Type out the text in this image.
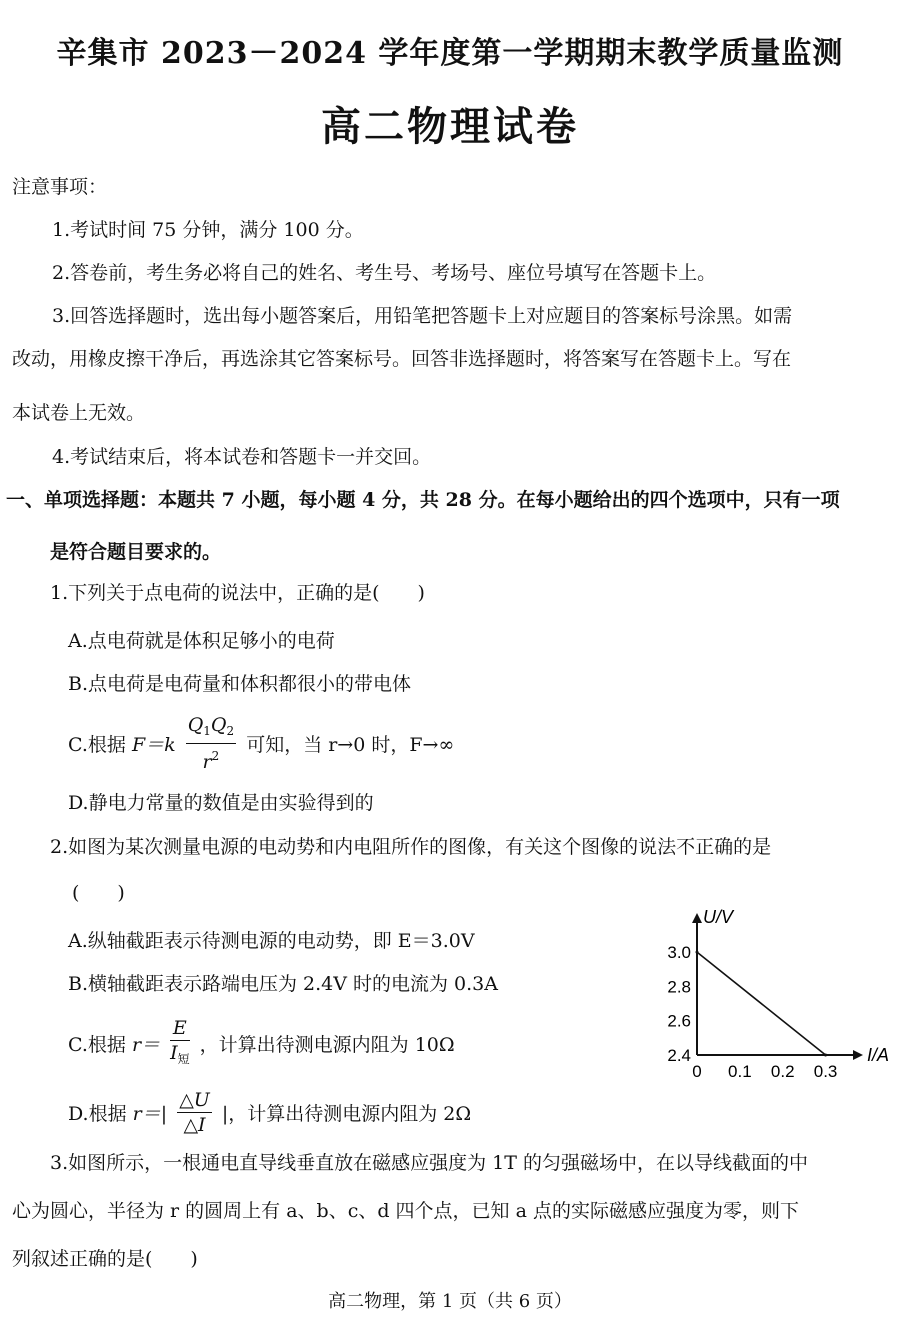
辛集市 2023－2024 学年度第一学期期末教学质量监测
高二物理试卷
注意事项：
1.考试时间 75 分钟，满分 100 分。
2.答卷前，考生务必将自己的姓名、考生号、考场号、座位号填写在答题卡上。
3.回答选择题时，选出每小题答案后，用铅笔把答题卡上对应题目的答案标号涂黑。如需
改动，用橡皮擦干净后，再选涂其它答案标号。回答非选择题时，将答案写在答题卡上。写在
本试卷上无效。
4.考试结束后，将本试卷和答题卡一并交回。
一、单项选择题：本题共 7 小题，每小题 4 分，共 28 分。在每小题给出的四个选项中，只有一项
是符合题目要求的。
1.下列关于点电荷的说法中，正确的是(　　)
A.点电荷就是体积足够小的电荷
B.点电荷是电荷量和体积都很小的带电体
C.根据 $F=k \frac{Q_1Q_2}{r^2}$ 可知，当 r→0 时，F→∞
D.静电力常量的数值是由实验得到的
2.如图为某次测量电源的电动势和内电阻所作的图像，有关这个图像的说法不正确的是
(　　)
A.纵轴截距表示待测电源的电动势，即 E＝3.0V
B.横轴截距表示路端电压为 2.4V 时的电流为 0.3A
C.根据 $r= \frac{E}{I_短}$ ，计算出待测电源内阻为 10Ω
D.根据 $r=| \frac{\triangle U}{\triangle I}$ |，计算出待测电源内阻为 2Ω
U/V
I/A
0 0.1 0.2 0.3
2.4
2.6
2.8
3.0
3.如图所示，一根通电直导线垂直放在磁感应强度为 1T 的匀强磁场中，在以导线截面的中
心为圆心，半径为 r 的圆周上有 a、b、c、d 四个点，已知 a 点的实际磁感应强度为零，则下
列叙述正确的是(　　)
高二物理，第 1 页（共 6 页）
